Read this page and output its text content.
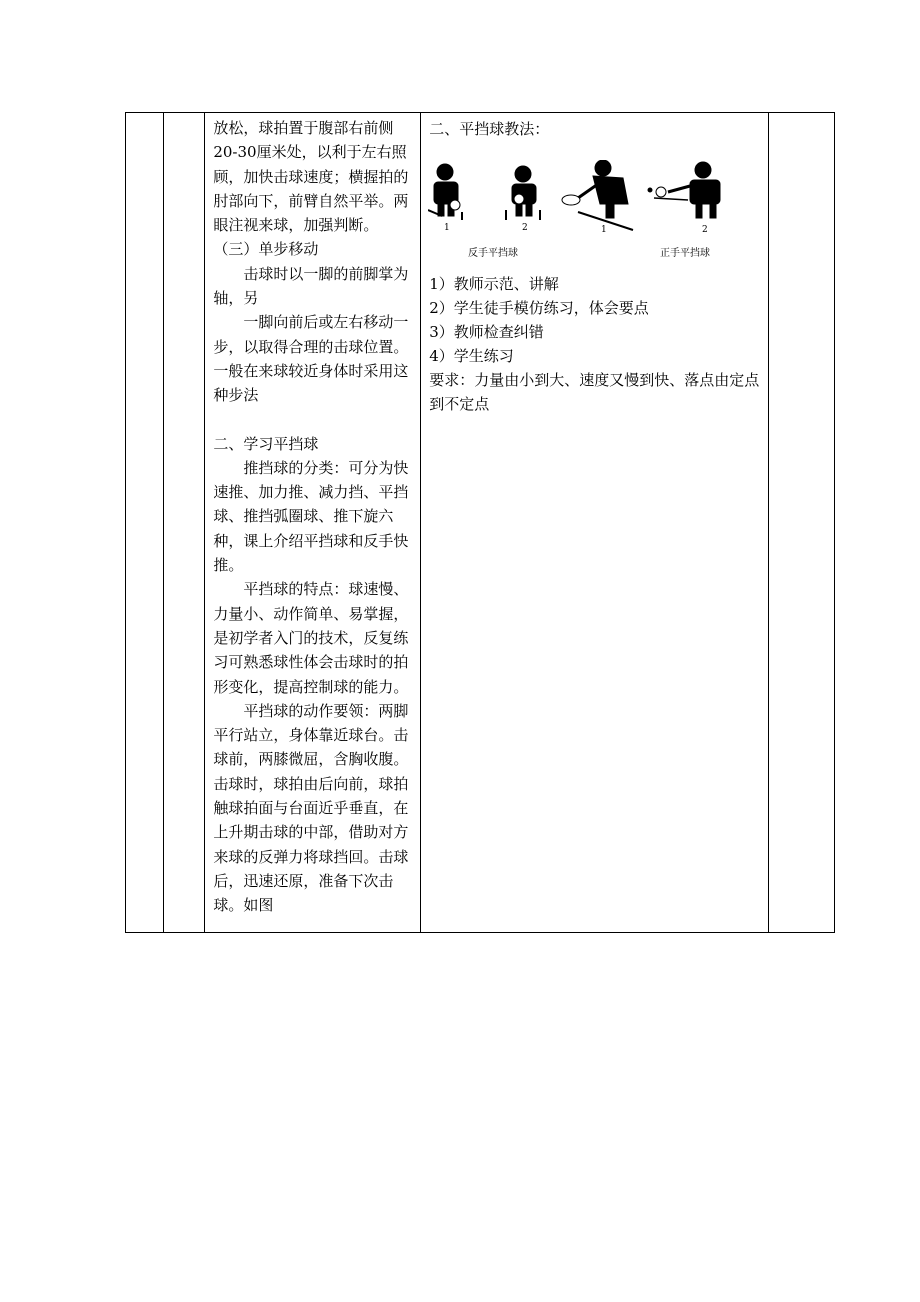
放松，球拍置于腹部右前侧20-30厘米处，以利于左右照顾，加快击球速度；横握拍的肘部向下，前臂自然平举。两眼注视来球，加强判断。

（三）单步移动

击球时以一脚的前脚掌为轴，另

一脚向前后或左右移动一步，以取得合理的击球位置。一般在来球较近身体时采用这种步法

二、学习平挡球

推挡球的分类：可分为快速推、加力推、减力挡、平挡球、推挡弧圈球、推下旋六种，课上介绍平挡球和反手快推。

平挡球的特点：球速慢、力量小、动作简单、易掌握，是初学者入门的技术，反复练习可熟悉球性体会击球时的拍形变化，提高控制球的能力。

平挡球的动作要领：两脚平行站立，身体靠近球台。击球前，两膝微屈，含胸收腹。击球时，球拍由后向前，球拍触球拍面与台面近乎垂直，在上升期击球的中部，借助对方来球的反弹力将球挡回。击球后，迅速还原，准备下次击球。如图

二、平挡球教法：

1	2	1	2
反手平挡球	正手平挡球

1）教师示范、讲解

2）学生徒手模仿练习，体会要点

3）教师检查纠错

4）学生练习

要求：力量由小到大、速度又慢到快、落点由定点到不定点
